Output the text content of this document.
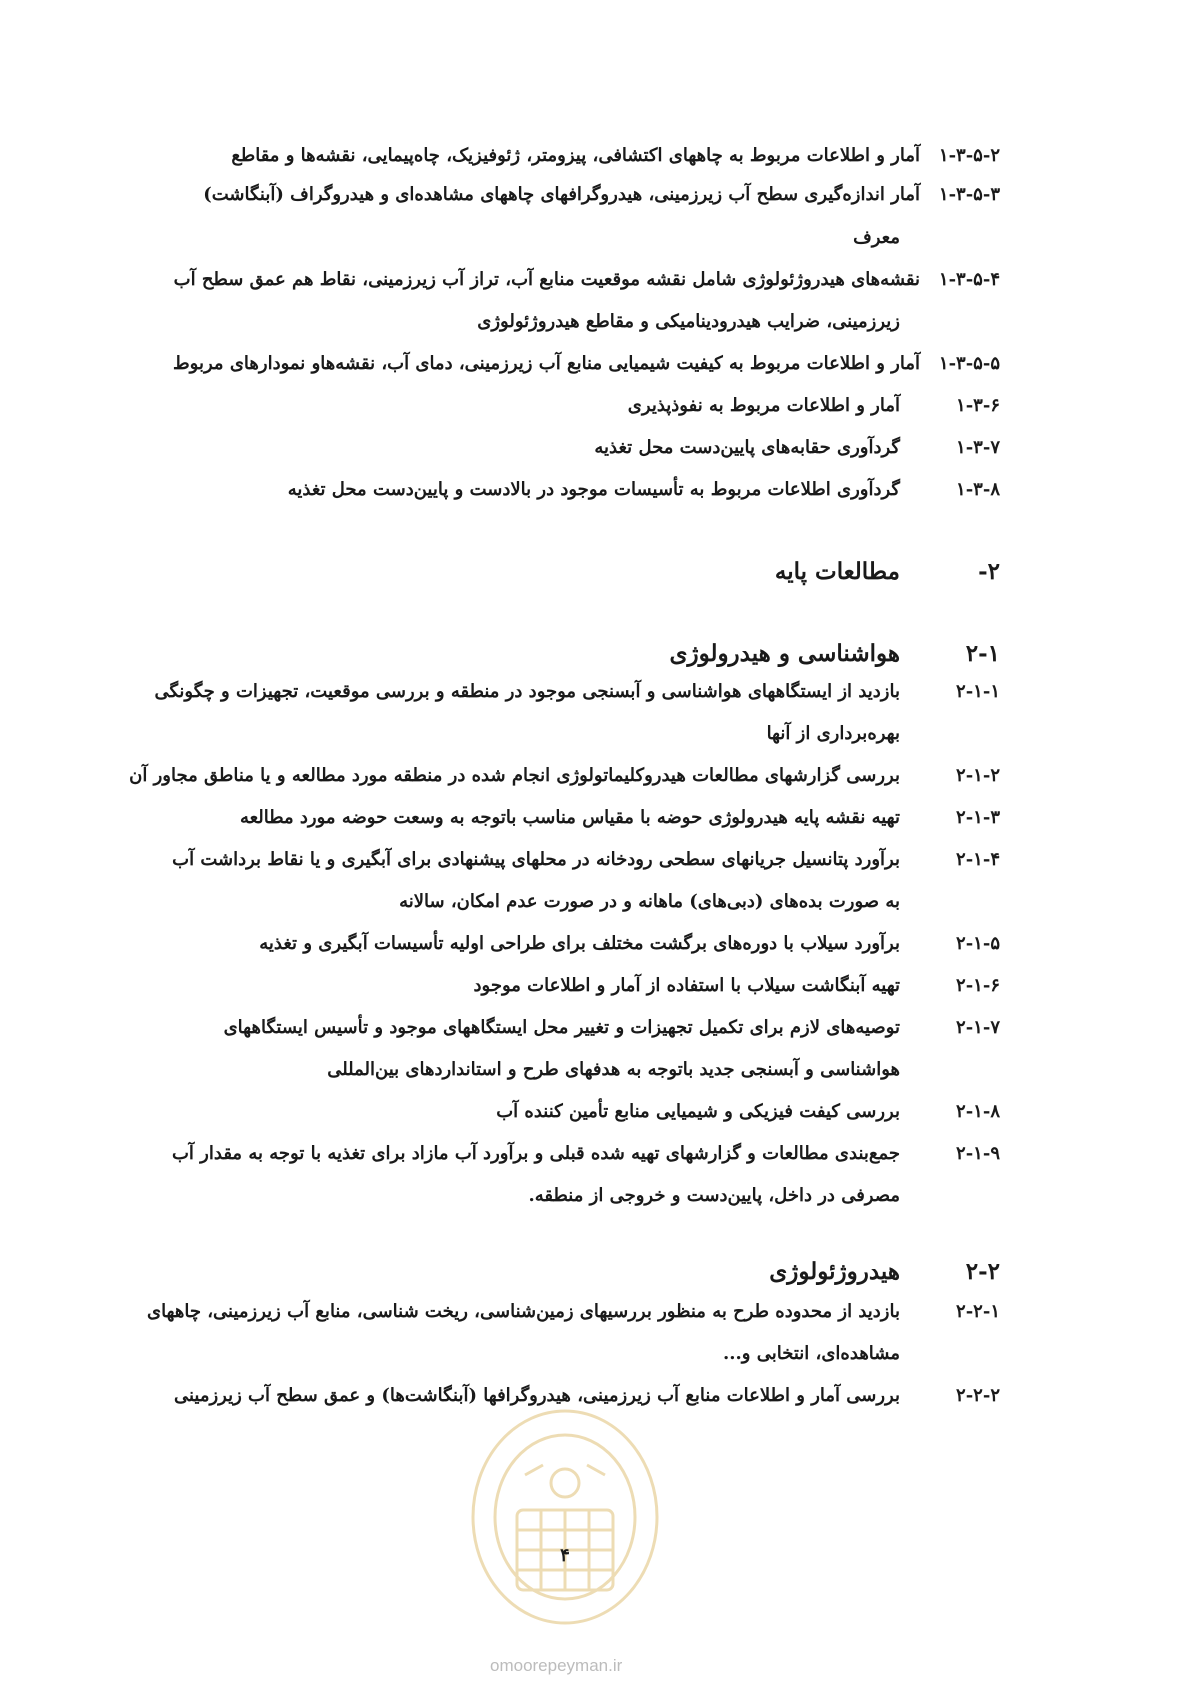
۱-۳-۵-۲
آمار و اطلاعات مربوط به چاههای اکتشافی، پیزومتر، ژئوفیزیک، چاه‌پیمایی، نقشه‌ها و مقاطع
۱-۳-۵-۳
آمار اندازه‌گیری سطح آب زیرزمینی، هیدروگرافهای چاههای مشاهده‌ای و هیدروگراف (آبنگاشت)
معرف
۱-۳-۵-۴
نقشه‌های هیدروژئولوژی شامل نقشه موقعیت منابع آب، تراز آب زیرزمینی، نقاط هم عمق سطح آب
زیرزمینی، ضرایب هیدرودینامیکی و مقاطع هیدروژئولوژی
۱-۳-۵-۵
آمار و اطلاعات مربوط به کیفیت شیمیایی منابع آب زیرزمینی، دمای آب، نقشه‌هاو نمودارهای مربوط
۱-۳-۶
آمار و اطلاعات مربوط به نفوذپذیری
۱-۳-۷
گردآوری حقابه‌های پایین‌دست محل تغذیه
۱-۳-۸
گردآوری اطلاعات مربوط به تأسیسات موجود در بالادست و پایین‌دست محل تغذیه
۲-
مطالعات پایه
۲-۱
هواشناسی و هیدرولوژی
۲-۱-۱
بازدید از ایستگاههای هواشناسی و آبسنجی موجود در منطقه و بررسی موقعیت، تجهیزات و چگونگی
بهره‌برداری از آنها
۲-۱-۲
بررسی گزارشهای مطالعات هیدروکلیماتولوژی انجام شده در منطقه مورد مطالعه و یا مناطق مجاور آن
۲-۱-۳
تهیه نقشه پایه هیدرولوژی حوضه با مقیاس مناسب باتوجه به وسعت حوضه مورد مطالعه
۲-۱-۴
برآورد پتانسیل جریانهای سطحی رودخانه در محلهای پیشنهادی برای آبگیری و یا نقاط برداشت آب
به صورت بده‌های (دبی‌های) ماهانه و در صورت عدم امکان، سالانه
۲-۱-۵
برآورد سیلاب با دوره‌های برگشت مختلف برای طراحی اولیه تأسیسات آبگیری و تغذیه
۲-۱-۶
تهیه آبنگاشت سیلاب با استفاده از آمار و اطلاعات موجود
۲-۱-۷
توصیه‌های لازم برای تکمیل تجهیزات و تغییر محل ایستگاههای موجود و تأسیس ایستگاههای
هواشناسی و آبسنجی جدید باتوجه به هدفهای طرح و استانداردهای بین‌المللی
۲-۱-۸
بررسی کیفت فیزیکی و شیمیایی منابع تأمین کننده آب
۲-۱-۹
جمع‌بندی مطالعات و گزارشهای تهیه شده قبلی و برآورد آب مازاد برای تغذیه با توجه به مقدار آب
مصرفی در داخل، پایین‌دست و خروجی از منطقه.
۲-۲
هیدروژئولوژی
۲-۲-۱
بازدید از محدوده طرح به منظور بررسیهای زمین‌شناسی، ریخت شناسی، منابع آب زیرزمینی، چاههای
مشاهده‌ای، انتخابی و...
۲-۲-۲
بررسی آمار و اطلاعات منابع آب زیرزمینی، هیدروگرافها (آبنگاشت‌ها) و عمق سطح آب زیرزمینی
۴
omoorepeyman.ir
